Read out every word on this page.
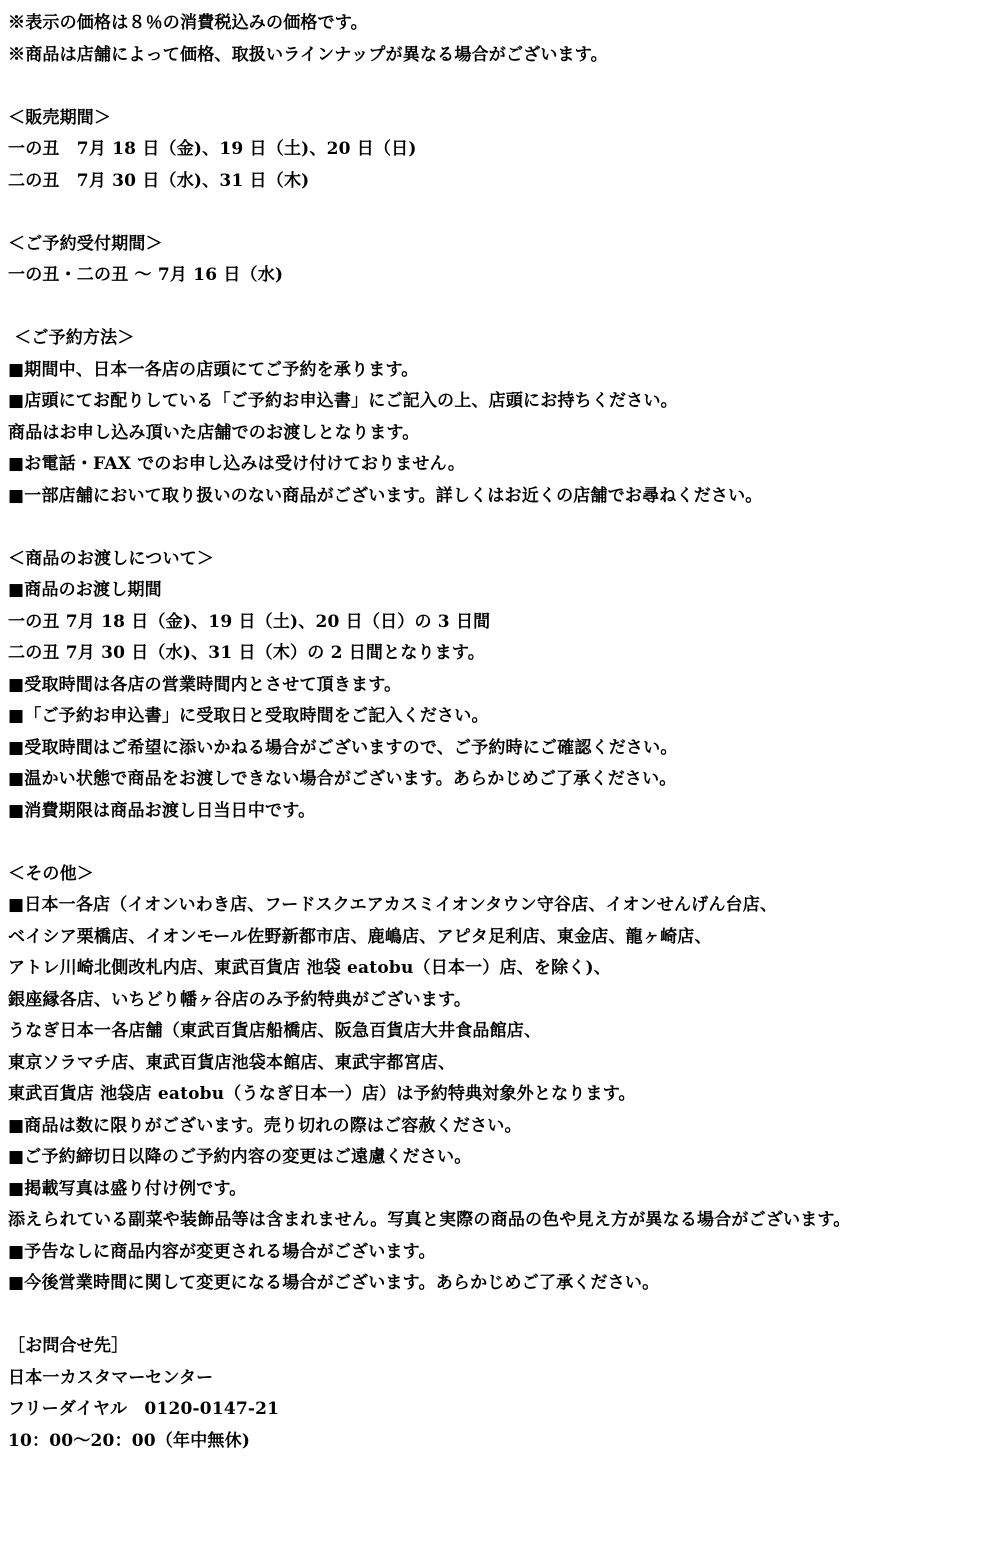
※表示の価格は８％の消費税込みの価格です。
※商品は店舗によって価格、取扱いラインナップが異なる場合がございます。
＜販売期間＞
一の丑　7月 18 日（金)、19 日（土)、20 日（日)
二の丑　7月 30 日（水)、31 日（木)
＜ご予約受付期間＞
一の丑・二の丑 〜 7月 16 日（水)
＜ご予約方法＞
■期間中、日本一各店の店頭にてご予約を承ります。
■店頭にてお配りしている「ご予約お申込書」にご記入の上、店頭にお持ちください。
商品はお申し込み頂いた店舗でのお渡しとなります。
■お電話・FAX でのお申し込みは受け付けておりません。
■一部店舗において取り扱いのない商品がございます。詳しくはお近くの店舗でお尋ねください。
＜商品のお渡しについて＞
■商品のお渡し期間
一の丑 7月 18 日（金)、19 日（土)、20 日（日）の 3 日間
二の丑 7月 30 日（水)、31 日（木）の 2 日間となります。
■受取時間は各店の営業時間内とさせて頂きます。
■「ご予約お申込書」に受取日と受取時間をご記入ください。
■受取時間はご希望に添いかねる場合がございますので、ご予約時にご確認ください。
■温かい状態で商品をお渡しできない場合がございます。あらかじめご了承ください。
■消費期限は商品お渡し日当日中です。
＜その他＞
■日本一各店（イオンいわき店、フードスクエアカスミイオンタウン守谷店、イオンせんげん台店、
ベイシア栗橋店、イオンモール佐野新都市店、鹿嶋店、アピタ足利店、東金店、龍ヶ崎店、
アトレ川崎北側改札内店、東武百貨店 池袋 eatobu（日本一）店、を除く)、
銀座縁各店、いちどり幡ヶ谷店のみ予約特典がございます。
うなぎ日本一各店舗（東武百貨店船橋店、阪急百貨店大井食品館店、
東京ソラマチ店、東武百貨店池袋本館店、東武宇都宮店、
東武百貨店 池袋店 eatobu（うなぎ日本一）店）は予約特典対象外となります。
■商品は数に限りがございます。売り切れの際はご容赦ください。
■ご予約締切日以降のご予約内容の変更はご遠慮ください。
■掲載写真は盛り付け例です。
添えられている副菜や装飾品等は含まれません。写真と実際の商品の色や見え方が異なる場合がございます。
■予告なしに商品内容が変更される場合がございます。
■今後営業時間に関して変更になる場合がございます。あらかじめご了承ください。
［お問合せ先］
日本一カスタマーセンター
フリーダイヤル　0120-0147-21
10：00〜20：00（年中無休)
